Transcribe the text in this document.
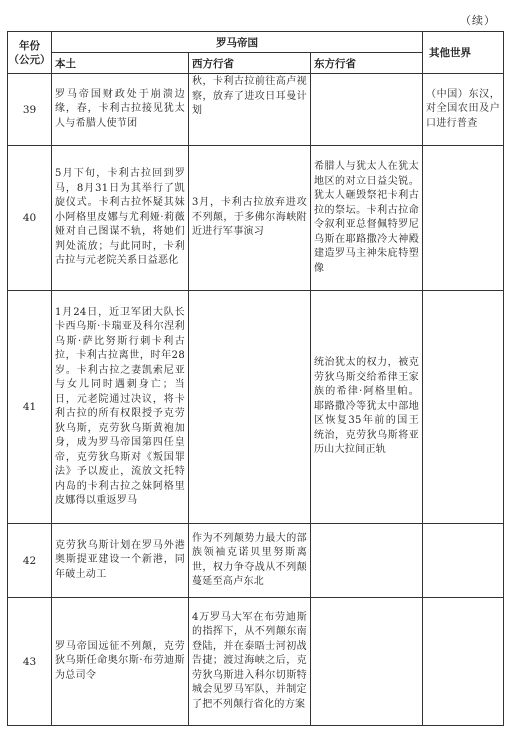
（续）
年份
（公元）	罗马帝国			其他世界
	本土	西方行省	东方行省	
39	罗马帝国财政处于崩溃边缘，春，卡利古拉接见犹太人与希腊人使节团	秋，卡利古拉前往高卢视察，放弃了进攻日耳曼计划		（中国）东汉，对全国农田及户口进行普查
40	5月下旬，卡利古拉回到罗马，8月31日为其举行了凯旋仪式。卡利古拉怀疑其妹小阿格里皮娜与尤利娅·莉薇娅对自己图谋不轨，将她们判处流放；与此同时，卡利古拉与元老院关系日益恶化	3月，卡利古拉放弃进攻不列颠，于多佛尔海峡附近进行军事演习	希腊人与犹太人在犹太地区的对立日益尖锐。犹太人砸毁祭祀卡利古拉的祭坛。卡利古拉命令叙利亚总督佩特罗尼乌斯在耶路撒冷大神殿建造罗马主神朱庇特塑像	
41	1月24日，近卫军团大队长卡西乌斯·卡瑞亚及科尔涅利乌斯·萨比努斯行刺卡利古拉，卡利古拉离世，时年28岁。卡利古拉之妻凯索尼亚与女儿同时遇刺身亡；当日，元老院通过决议，将卡利古拉的所有权限授予克劳狄乌斯，克劳狄乌斯黄袍加身，成为罗马帝国第四任皇帝，克劳狄乌斯对《叛国罪法》予以废止，流放文托特内岛的卡利古拉之妹阿格里皮娜得以重返罗马		统治犹太的权力，被克劳狄乌斯交给希律王家族的希律·阿格里帕。耶路撒冷等犹太中部地区恢复35年前的国王统治，克劳狄乌斯将亚历山大拉间正轨	
42	克劳狄乌斯计划在罗马外港奥斯提亚建设一个新港，同年破土动工	作为不列颠势力最大的部族领袖克诺贝里努斯离世，权力争夺战从不列颠蔓延至高卢东北		
43	罗马帝国远征不列颠，克劳狄乌斯任命奥尔斯·布劳迪斯为总司令	4万罗马大军在布劳迪斯的指挥下，从不列颠东南登陆，并在泰晤士河初战告捷；渡过海峡之后，克劳狄乌斯进入科尔切斯特城会见罗马军队，并制定了把不列颠行省化的方案		
